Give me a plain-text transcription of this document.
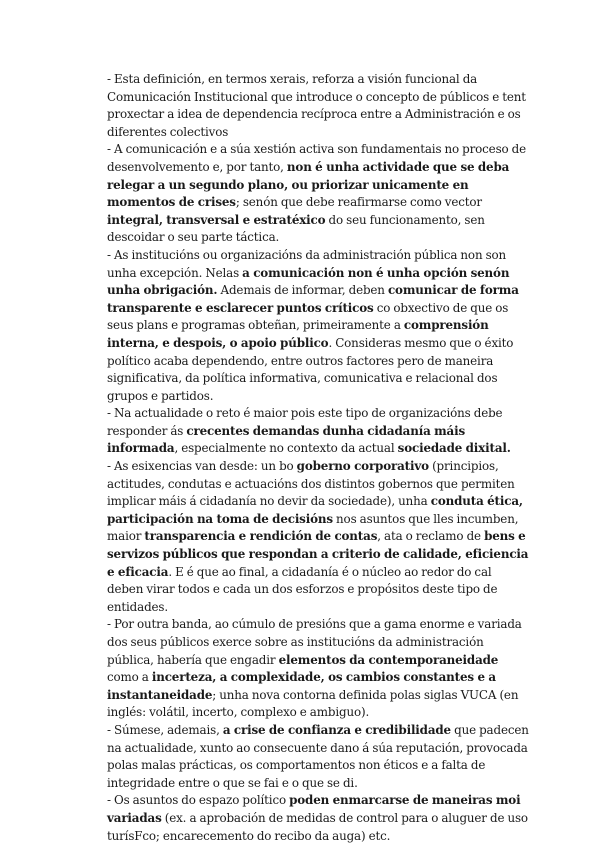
- Esta definición, en termos xerais, reforza a visión funcional da Comunicación Institucional que introduce o concepto de públicos e tent proxectar a idea de dependencia recíproca entre a Administración e os diferentes colectivos

- A comunicación e a súa xestión activa son fundamentais no proceso de desenvolvemento e, por tanto, non é unha actividade que se deba relegar a un segundo plano, ou priorizar unicamente en momentos de crises; senón que debe reafirmarse como vector integral, transversal e estratéxico do seu funcionamento, sen descoidar o seu parte táctica.

- As institucións ou organizacións da administración pública non son unha excepción. Nelas a comunicación non é unha opción senón unha obrigación. Ademais de informar, deben comunicar de forma transparente e esclarecer puntos críticos co obxectivo de que os seus plans e programas obteñan, primeiramente a comprensión interna, e despois, o apoio público. Consideras mesmo que o éxito político acaba dependendo, entre outros factores pero de maneira significativa, da política informativa, comunicativa e relacional dos grupos e partidos.

- Na actualidade o reto é maior pois este tipo de organizacións debe responder ás crecentes demandas dunha cidadanía máis informada, especialmente no contexto da actual sociedade dixital.

- As esixencias van desde: un bo goberno corporativo (principios, actitudes, condutas e actuacións dos distintos gobernos que permiten implicar máis á cidadanía no devir da sociedade), unha conduta ética, participación na toma de decisións nos asuntos que lles incumben, maior transparencia e rendición de contas, ata o reclamo de bens e servizos públicos que respondan a criterio de calidade, eficiencia e eficacia. E é que ao final, a cidadanía é o núcleo ao redor do cal deben virar todos e cada un dos esforzos e propósitos deste tipo de entidades.

- Por outra banda, ao cúmulo de presións que a gama enorme e variada dos seus públicos exerce sobre as institucións da administración pública, habería que engadir elementos da contemporaneidade como a incerteza, a complexidade, os cambios constantes e a instantaneidade; unha nova contorna definida polas siglas VUCA (en inglés: volátil, incerto, complexo e ambiguo).

- Súmese, ademais, a crise de confianza e credibilidade que padecen na actualidade, xunto ao consecuente dano á súa reputación, provocada polas malas prácticas, os comportamentos non éticos e a falta de integridade entre o que se fai e o que se di.

- Os asuntos do espazo político poden enmarcarse de maneiras moi variadas (ex. a aprobación de medidas de control para o aluguer de uso turísFco; encarecemento do recibo da auga) etc.
